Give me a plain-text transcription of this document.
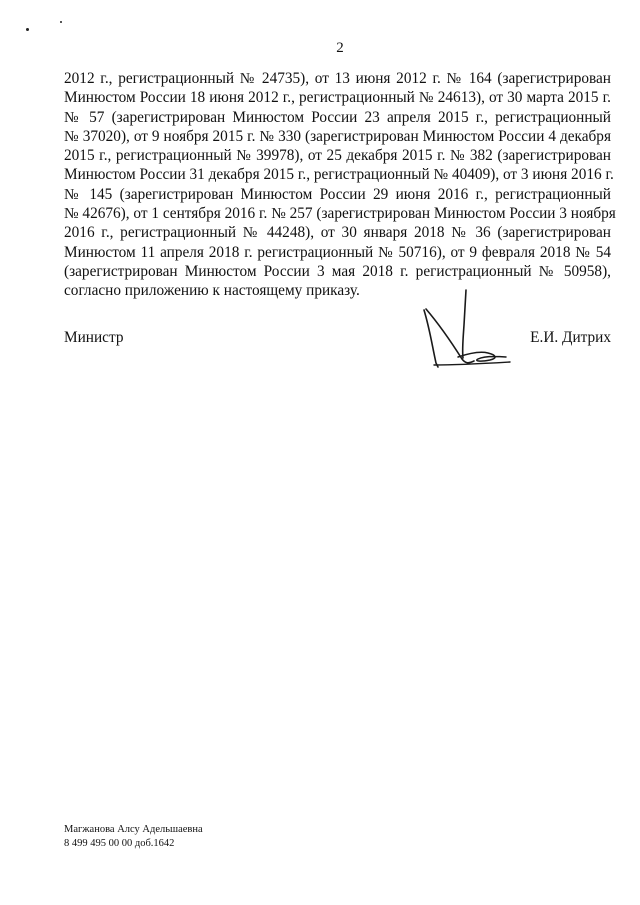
2
2012 г., регистрационный № 24735), от 13 июня 2012 г. № 164 (зарегистрирован
Минюстом России 18 июня 2012 г., регистрационный № 24613), от 30 марта 2015 г.
№ 57 (зарегистрирован Минюстом России 23 апреля 2015 г., регистрационный
№ 37020), от 9 ноября 2015 г. № 330 (зарегистрирован Минюстом России 4 декабря
2015 г., регистрационный № 39978), от 25 декабря 2015 г. № 382 (зарегистрирован
Минюстом России 31 декабря 2015 г., регистрационный № 40409), от 3 июня 2016 г.
№ 145 (зарегистрирован Минюстом России 29 июня 2016 г., регистрационный
№ 42676), от 1 сентября 2016 г. № 257 (зарегистрирован Минюстом России 3 ноября
2016 г., регистрационный № 44248), от 30 января 2018 № 36 (зарегистрирован
Минюстом 11 апреля 2018 г. регистрационный № 50716), от 9 февраля 2018 № 54
(зарегистрирован Минюстом России 3 мая 2018 г. регистрационный № 50958),
согласно приложению к настоящему приказу.
Министр	Е.И. Дитрих
Магжанова Алсу Адельшаевна
8 499 495 00 00 доб.1642
